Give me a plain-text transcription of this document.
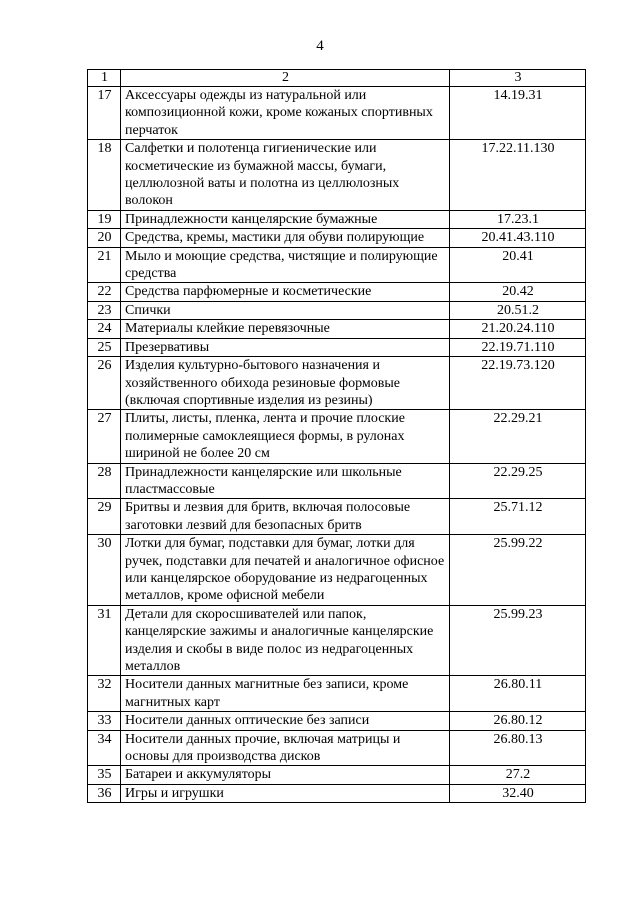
4
1	2	3
17	Аксессуары одежды из натуральной или композиционной кожи, кроме кожаных спортивных перчаток	14.19.31
18	Салфетки и полотенца гигиенические или косметические из бумажной массы, бумаги, целлюлозной ваты и полотна из целлюлозных волокон	17.22.11.130
19	Принадлежности канцелярские бумажные	17.23.1
20	Средства, кремы, мастики для обуви полирующие	20.41.43.110
21	Мыло и моющие средства, чистящие и полирующие средства	20.41
22	Средства парфюмерные и косметические	20.42
23	Спички	20.51.2
24	Материалы клейкие перевязочные	21.20.24.110
25	Презервативы	22.19.71.110
26	Изделия культурно-бытового назначения и хозяйственного обихода резиновые формовые (включая спортивные изделия из резины)	22.19.73.120
27	Плиты, листы, пленка, лента и прочие плоские полимерные самоклеящиеся формы, в рулонах шириной не более 20 см	22.29.21
28	Принадлежности канцелярские или школьные пластмассовые	22.29.25
29	Бритвы и лезвия для бритв, включая полосовые заготовки лезвий для безопасных бритв	25.71.12
30	Лотки для бумаг, подставки для бумаг, лотки для ручек, подставки для печатей и аналогичное офисное или канцелярское оборудование из недрагоценных металлов, кроме офисной мебели	25.99.22
31	Детали для скоросшивателей или папок, канцелярские зажимы и аналогичные канцелярские изделия и скобы в виде полос из недрагоценных металлов	25.99.23
32	Носители данных магнитные без записи, кроме магнитных карт	26.80.11
33	Носители данных оптические без записи	26.80.12
34	Носители данных прочие, включая матрицы и основы для производства дисков	26.80.13
35	Батареи и аккумуляторы	27.2
36	Игры и игрушки	32.40
